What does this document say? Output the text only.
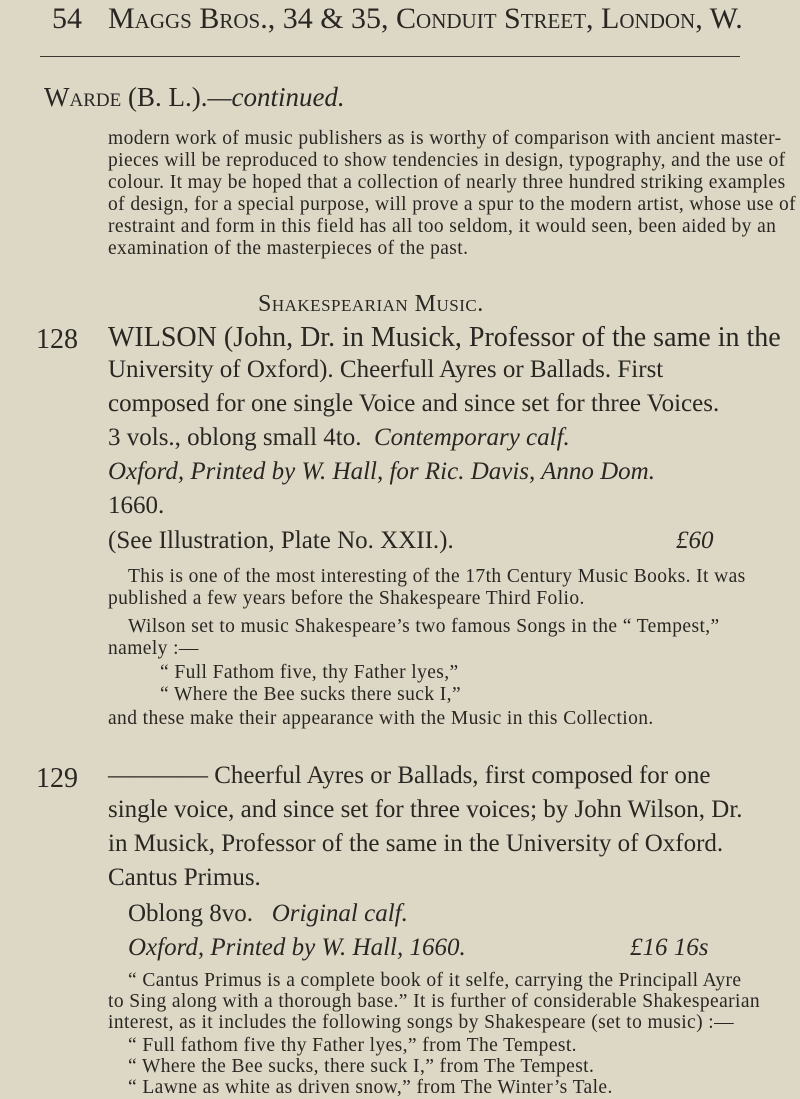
54 Maggs Bros., 34 & 35, Conduit Street, London, W.
Warde (B. L.).—continued.
modern work of music publishers as is worthy of comparison with ancient master-
pieces will be reproduced to show tendencies in design, typography, and the use of
colour. It may be hoped that a collection of nearly three hundred striking examples
of design, for a special purpose, will prove a spur to the modern artist, whose use of
restraint and form in this field has all too seldom, it would seen, been aided by an
examination of the masterpieces of the past.
Shakespearian Music.
128 WILSON (John, Dr. in Musick, Professor of the same in the
University of Oxford). Cheerfull Ayres or Ballads. First
composed for one single Voice and since set for three Voices.
3 vols., oblong small 4to. Contemporary calf.
Oxford, Printed by W. Hall, for Ric. Davis, Anno Dom.
1660.
(See Illustration, Plate No. XXII.).	£60
This is one of the most interesting of the 17th Century Music Books. It was
published a few years before the Shakespeare Third Folio.
Wilson set to music Shakespeare’s two famous Songs in the “ Tempest,”
namely :—
“ Full Fathom five, thy Father lyes,”
“ Where the Bee sucks there suck I,”
and these make their appearance with the Music in this Collection.
129 ———— Cheerful Ayres or Ballads, first composed for one
single voice, and since set for three voices; by John Wilson, Dr.
in Musick, Professor of the same in the University of Oxford.
Cantus Primus.
Oblong 8vo. Original calf.
Oxford, Printed by W. Hall, 1660.	£16 16s
“ Cantus Primus is a complete book of it selfe, carrying the Principall Ayre
to Sing along with a thorough base.” It is further of considerable Shakespearian
interest, as it includes the following songs by Shakespeare (set to music) :—
“ Full fathom five thy Father lyes,” from The Tempest.
“ Where the Bee sucks, there suck I,” from The Tempest.
“ Lawne as white as driven snow,” from The Winter’s Tale.
